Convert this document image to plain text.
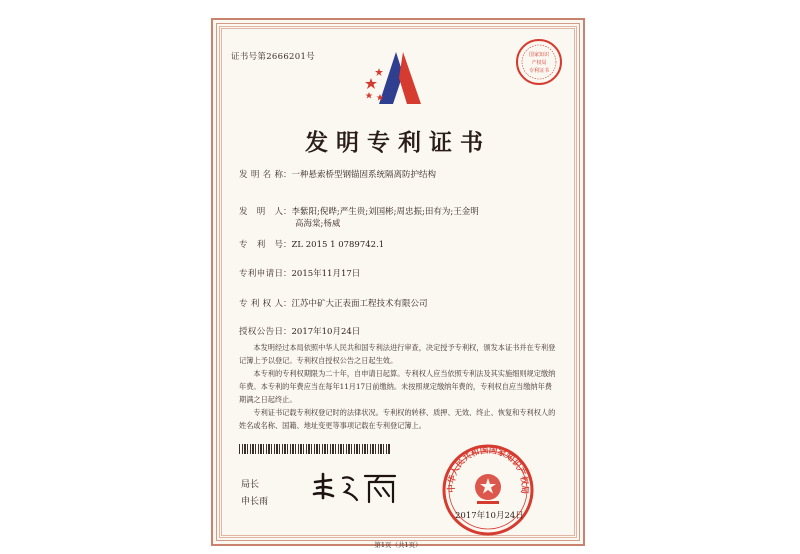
证书号第2666201号	国家知识
产权局
专利证书
发明专利证书
发明名称：一种悬索桥型钢锚固系统隔离防护结构
发明人：李紫阳;倪晔;严生贵;刘国彬;周忠振;田有为;王金明
高海棠;杨威
专利号：ZL 2015 1 0789742.1
专利申请日：2015年11月17日
专利权人：江苏中矿大正表面工程技术有限公司
授权公告日：2017年10月24日

本发明经过本局依照中华人民共和国专利法进行审查，决定授予专利权，颁发本证书并在专利登记簿上予以登记。专利权自授权公告之日起生效。

本专利的专利权期限为二十年，自申请日起算。专利权人应当依照专利法及其实施细则规定缴纳年费。本专利的年费应当在每年11月17日前缴纳。未按照规定缴纳年费的，专利权自应当缴纳年费期满之日起终止。

专利证书记载专利权登记时的法律状况。专利权的转移、质押、无效、终止、恢复和专利权人的姓名或名称、国籍、地址变更等事项记载在专利登记簿上。

局长
申长雨
中华人民共和国国家知识产权局
2017年10月24日
第1页（共1页）
